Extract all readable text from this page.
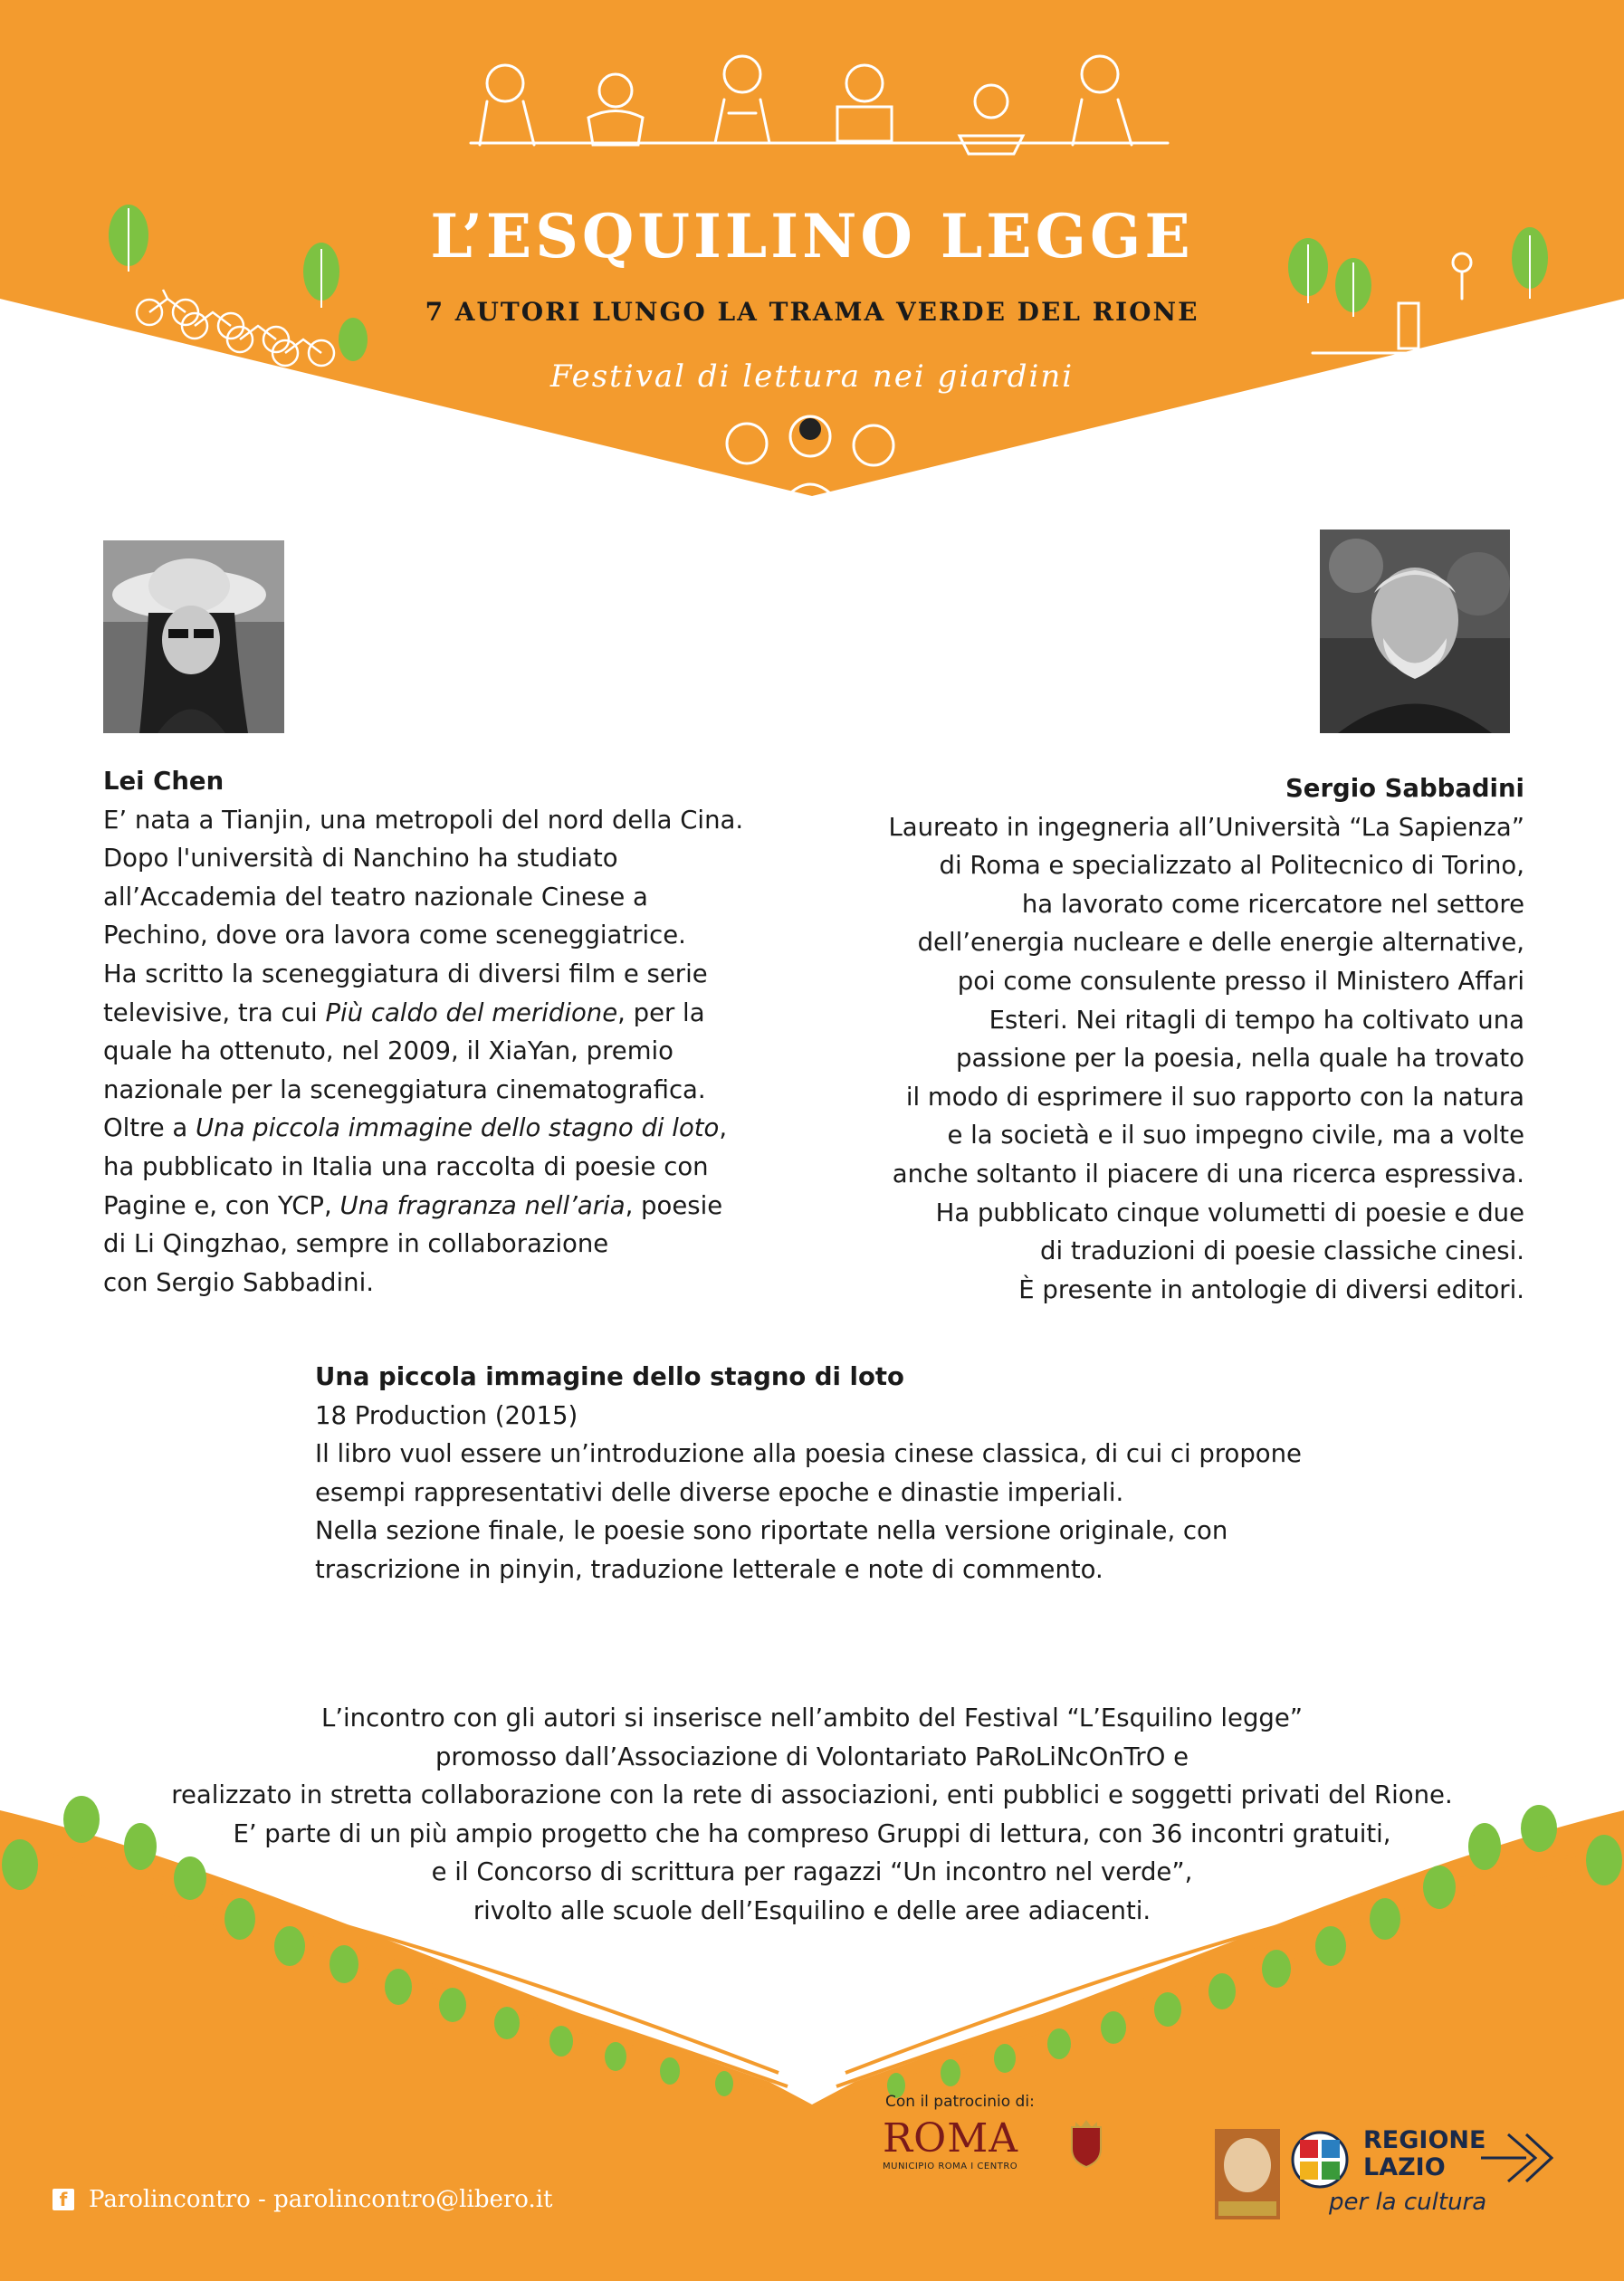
L’ESQUILINO LEGGE
7 AUTORI LUNGO LA TRAMA VERDE DEL RIONE
Festival di lettura nei giardini
Lei Chen
E’ nata a Tianjin, una metropoli del nord della Cina.
Dopo l'università di Nanchino ha studiato
all’Accademia del teatro nazionale Cinese a
Pechino, dove ora lavora come sceneggiatrice.
Ha scritto la sceneggiatura di diversi film e serie
televisive, tra cui Più caldo del meridione, per la
quale ha ottenuto, nel 2009, il XiaYan, premio
nazionale per la sceneggiatura cinematografica.
Oltre a Una piccola immagine dello stagno di loto,
ha pubblicato in Italia una raccolta di poesie con
Pagine e, con YCP, Una fragranza nell’aria, poesie
di Li Qingzhao, sempre in collaborazione
con Sergio Sabbadini.
Sergio Sabbadini
Laureato in ingegneria all’Università “La Sapienza”
di Roma e specializzato al Politecnico di Torino,
ha lavorato come ricercatore nel settore
dell’energia nucleare e delle energie alternative,
poi come consulente presso il Ministero Affari
Esteri. Nei ritagli di tempo ha coltivato una
passione per la poesia, nella quale ha trovato
il modo di esprimere il suo rapporto con la natura
e la società e il suo impegno civile, ma a volte
anche soltanto il piacere di una ricerca espressiva.
Ha pubblicato cinque volumetti di poesie e due
di traduzioni di poesie classiche cinesi.
È presente in antologie di diversi editori.
Una piccola immagine dello stagno di loto
18 Production (2015)
Il libro vuol essere un’introduzione alla poesia cinese classica, di cui ci propone
esempi rappresentativi delle diverse epoche e dinastie imperiali.
Nella sezione finale, le poesie sono riportate nella versione originale, con
trascrizione in pinyin, traduzione letterale e note di commento.
L’incontro con gli autori si inserisce nell’ambito del Festival “L’Esquilino legge”
promosso dall’Associazione di Volontariato PaRoLiNcOnTrO e
realizzato in stretta collaborazione con la rete di associazioni, enti pubblici e soggetti privati del Rione.
E’ parte di un più ampio progetto che ha compreso Gruppi di lettura, con 36 incontri gratuiti,
e il Concorso di scrittura per ragazzi “Un incontro nel verde”,
rivolto alle scuole dell’Esquilino e delle aree adiacenti.
f Parolincontro - parolincontro@libero.it
Con il patrocinio di:
ROMA
MUNICIPIO ROMA I CENTRO
REGIONE
LAZIO
per la cultura
